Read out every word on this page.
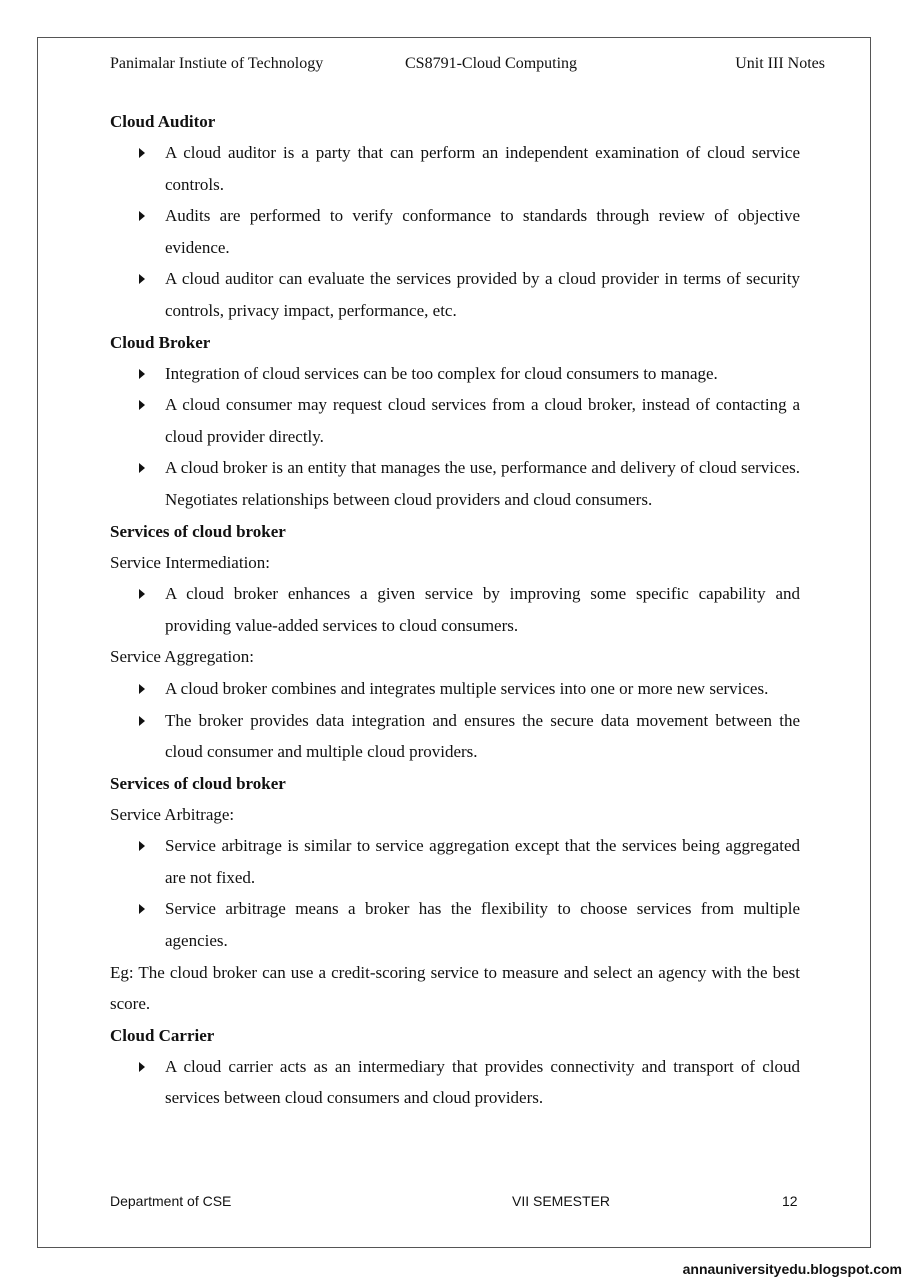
Panimalar Instiute of Technology	CS8791-Cloud Computing	Unit III Notes
Cloud Auditor
A cloud auditor is a party that can perform an independent examination of cloud service controls.
Audits are performed to verify conformance to standards through review of objective evidence.
A cloud auditor can evaluate the services provided by a cloud provider in terms of security controls, privacy impact, performance, etc.
Cloud Broker
Integration of cloud services can be too complex for cloud consumers to manage.
A cloud consumer may request cloud services from a cloud broker, instead of contacting a cloud provider directly.
A cloud broker is an entity that manages the use, performance and delivery of cloud services. Negotiates relationships between cloud providers and cloud consumers.
Services of cloud broker

Service Intermediation:

A cloud broker enhances a given service by improving some specific capability and providing value-added services to cloud consumers.

Service Aggregation:

A cloud broker combines and integrates multiple services into one or more new services.
The broker provides data integration and ensures the secure data movement between the cloud consumer and multiple cloud providers.
Services of cloud broker

Service Arbitrage:

Service arbitrage is similar to service aggregation except that the services being aggregated are not fixed.
Service arbitrage means a broker has the flexibility to choose services from multiple agencies.

Eg: The cloud broker can use a credit-scoring service to measure and select an agency with the best score.

Cloud Carrier
A cloud carrier acts as an intermediary that provides connectivity and transport of cloud services between cloud consumers and cloud providers.
Department of CSE	VII SEMESTER	12
annauniversityedu.blogspot.com
